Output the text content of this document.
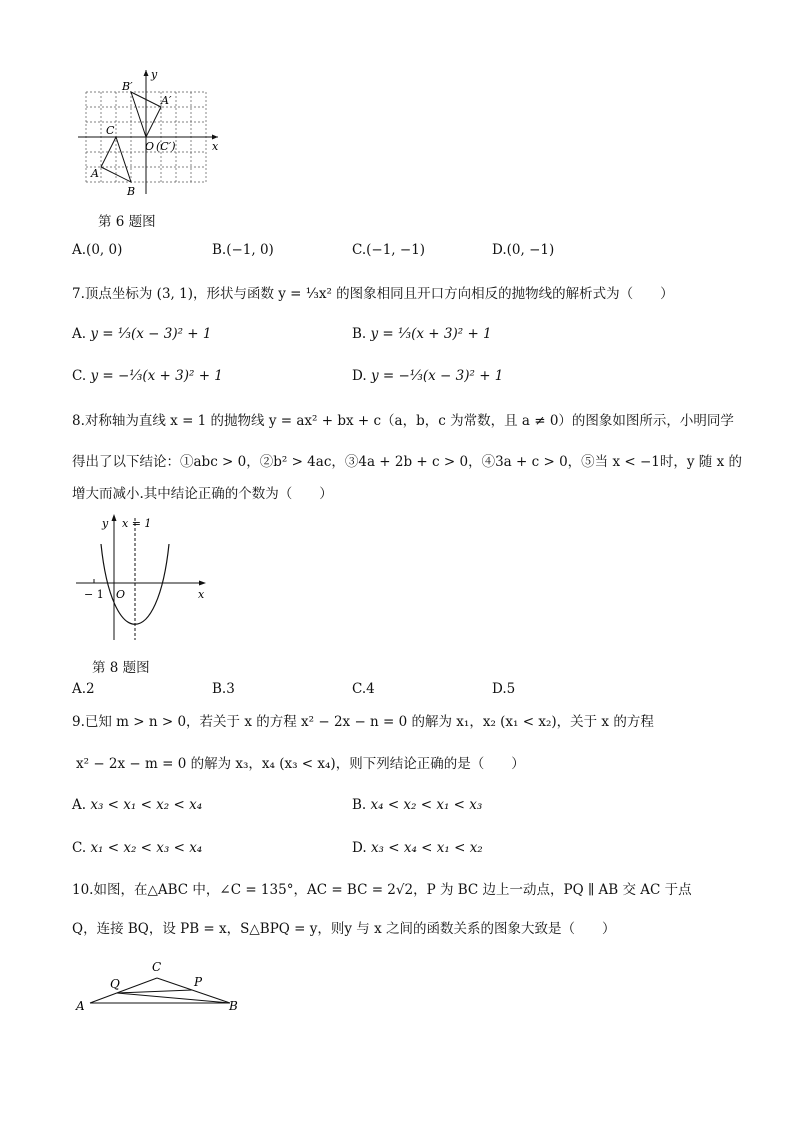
B′
A′
y
C
O (C′)	x
A
B
第 6 题图
A.(0, 0)	B.(−1, 0)	C.(−1, −1)	D.(0, −1)
7.顶点坐标为 (3, 1)，形状与函数 y = ⅓x² 的图象相同且开口方向相反的抛物线的解析式为（　　）
A. y = ⅓(x − 3)² + 1	B. y = ⅓(x + 3)² + 1
C. y = −⅓(x + 3)² + 1	D. y = −⅓(x − 3)² + 1
8.对称轴为直线 x = 1 的抛物线 y = ax² + bx + c（a，b，c 为常数，且 a ≠ 0）的图象如图所示，小明同学
得出了以下结论：①abc > 0，②b² > 4ac，③4a + 2b + c > 0，④3a + c > 0，⑤当 x < −1时，y 随 x 的
增大而减小.其中结论正确的个数为（　　）
y x = 1
− 1 O	x
第 8 题图
A.2	B.3	C.4	D.5
9.已知 m > n > 0，若关于 x 的方程 x² − 2x − n = 0 的解为 x₁，x₂ (x₁ < x₂)，关于 x 的方程
x² − 2x − m = 0 的解为 x₃，x₄ (x₃ < x₄)，则下列结论正确的是（　　）
A. x₃ < x₁ < x₂ < x₄	B. x₄ < x₂ < x₁ < x₃
C. x₁ < x₂ < x₃ < x₄	D. x₃ < x₄ < x₁ < x₂
10.如图，在△ABC 中，∠C = 135°，AC = BC = 2√2，P 为 BC 边上一动点，PQ ∥ AB 交 AC 于点
Q，连接 BQ，设 PB = x，S△BPQ = y，则y 与 x 之间的函数关系的图象大致是（　　）
Q
C
P
A	B
